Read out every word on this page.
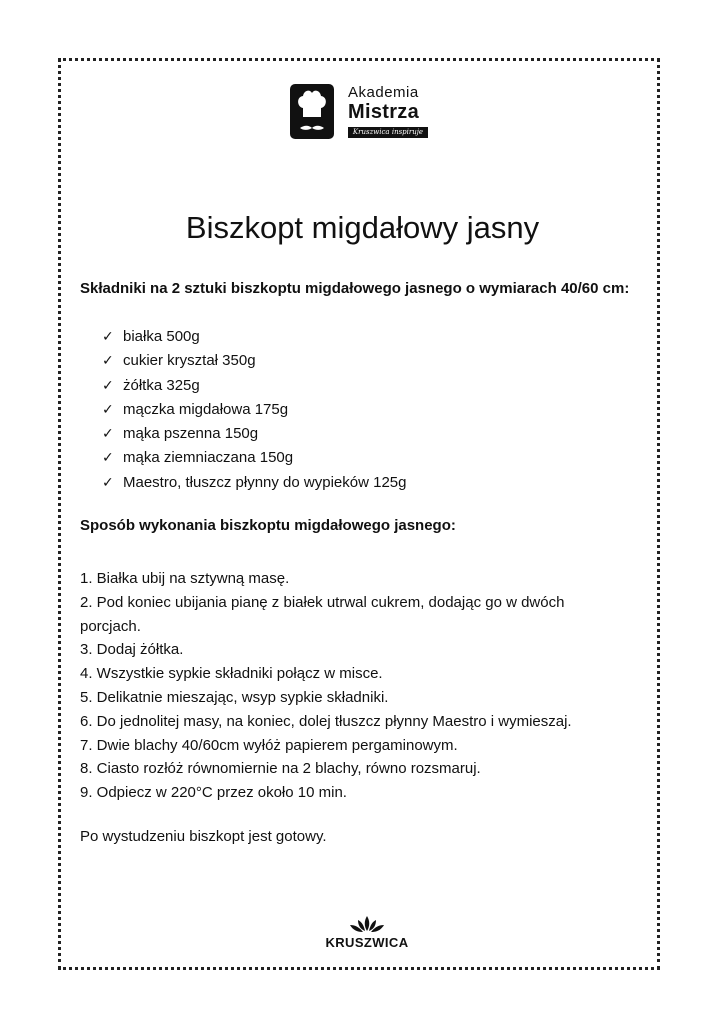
Akademia
Mistrza
Kruszwica inspiruje
Biszkopt migdałowy jasny

Składniki na 2 sztuki biszkoptu migdałowego jasnego o wymiarach 40/60 cm:

✓ białka 500g
✓ cukier kryształ 350g
✓ żółtka 325g
✓ mączka migdałowa 175g
✓ mąka pszenna 150g
✓ mąka ziemniaczana 150g
✓ Maestro, tłuszcz płynny do wypieków 125g

Sposób wykonania biszkoptu migdałowego jasnego:

1. Białka ubij na sztywną masę.
2. Pod koniec ubijania pianę z białek utrwal cukrem, dodając go w dwóch porcjach.
3. Dodaj żółtka.
4. Wszystkie sypkie składniki połącz w misce.
5. Delikatnie mieszając, wsyp sypkie składniki.
6. Do jednolitej masy, na koniec, dolej tłuszcz płynny Maestro i wymieszaj.
7. Dwie blachy 40/60cm wyłóż papierem pergaminowym.
8. Ciasto rozłóż równomiernie na 2 blachy, równo rozsmaruj.
9. Odpiecz w 220°C przez około 10 min.

Po wystudzeniu biszkopt jest gotowy.

KRUSZWICA
